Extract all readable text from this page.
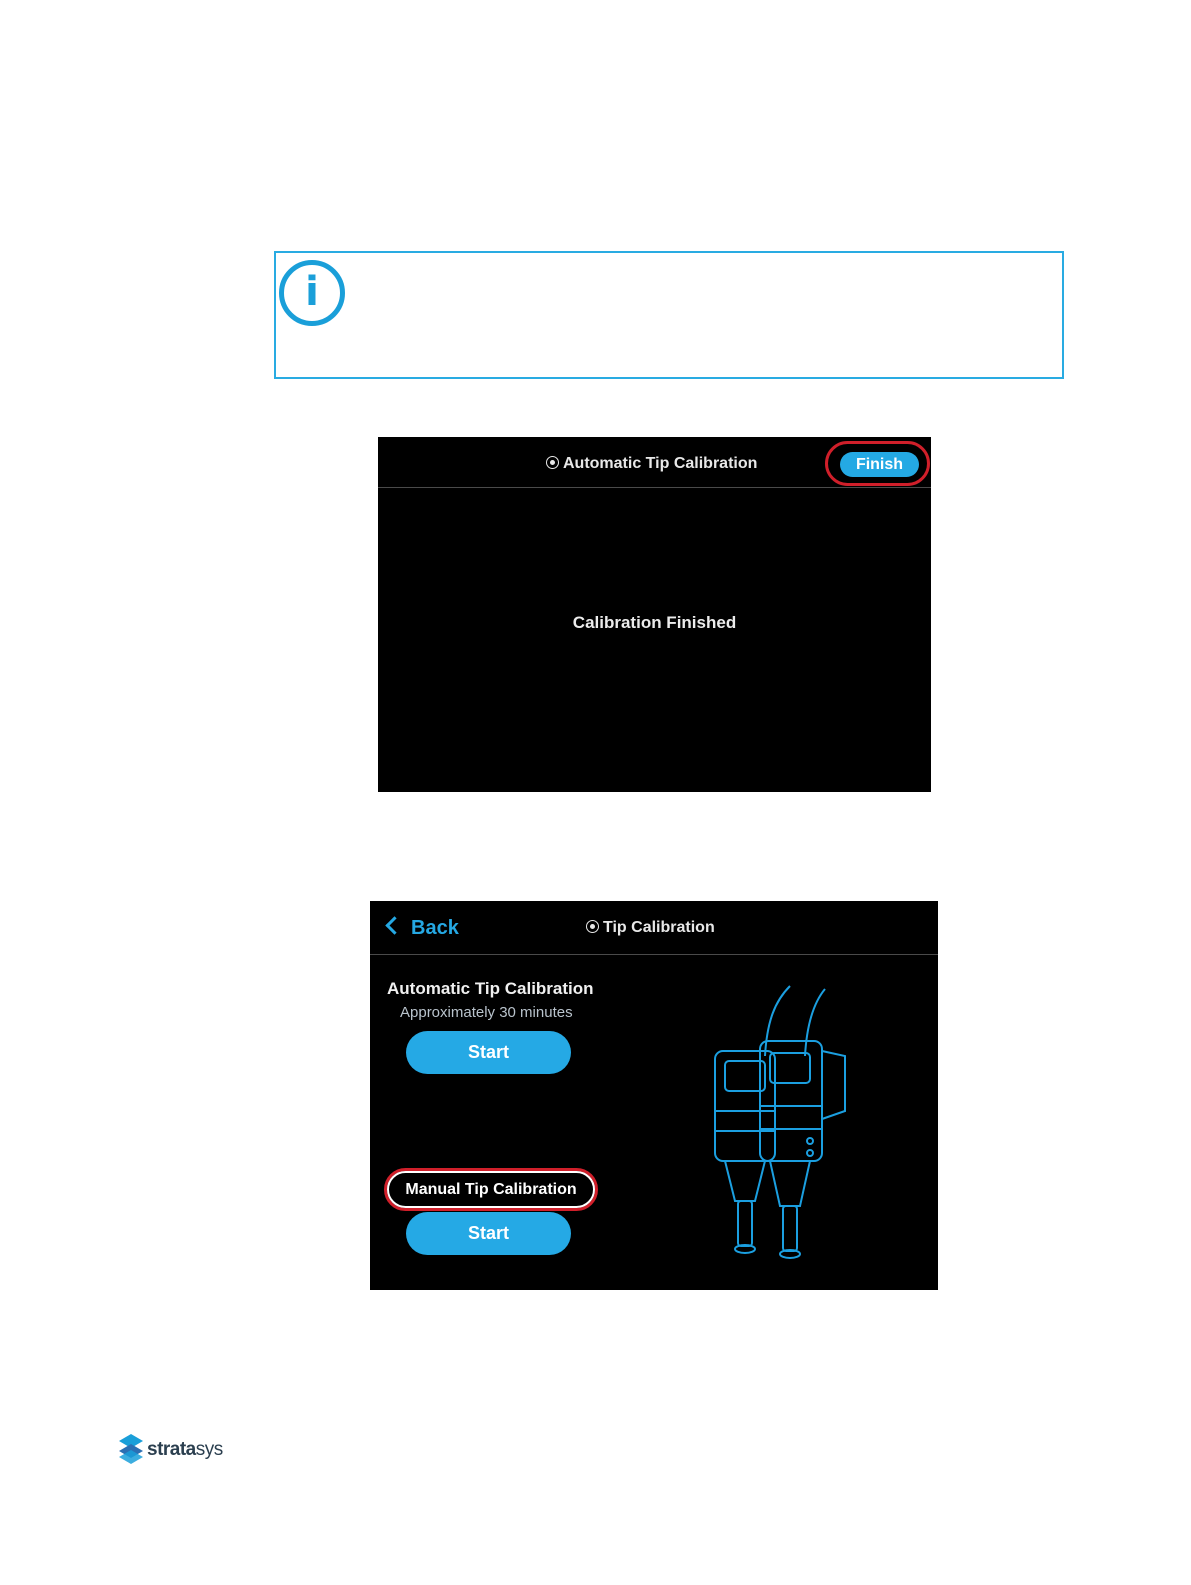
i
Automatic Tip Calibration	Finish
Calibration Finished
Back	Tip Calibration
Automatic Tip Calibration
Approximately 30 minutes
Start
Manual Tip Calibration
Start
stratasys
